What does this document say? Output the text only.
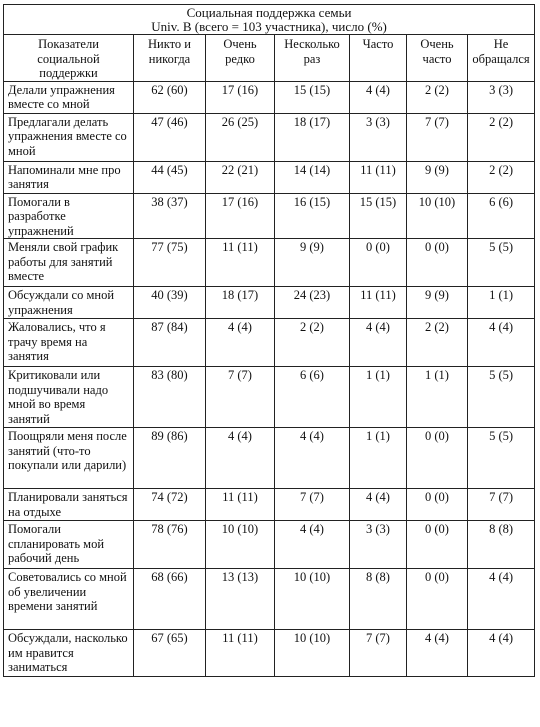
Социальная поддержка семьи
Univ. B (всего = 103 участника), число (%)						

Показатели социальной поддержки	Никто и никогда	Очень редко	Несколько раз	Часто	Очень часто	Не обращался
Делали упражнения вместе со мной	62 (60)	17 (16)	15 (15)	4 (4)	2 (2)	3 (3)
Предлагали делать упражнения вместе со мной	47 (46)	26 (25)	18 (17)	3 (3)	7 (7)	2 (2)
Напоминали мне про занятия	44 (45)	22 (21)	14 (14)	11 (11)	9 (9)	2 (2)
Помогали в разработке упражнений	38 (37)	17 (16)	16 (15)	15 (15)	10 (10)	6 (6)
Меняли свой график работы для занятий вместе	77 (75)	11 (11)	9 (9)	0 (0)	0 (0)	5 (5)
Обсуждали со мной упражнения	40 (39)	18 (17)	24 (23)	11 (11)	9 (9)	1 (1)
Жаловались, что я трачу время на занятия	87 (84)	4 (4)	2 (2)	4 (4)	2 (2)	4 (4)
Критиковали или подшучивали надо мной во время занятий	83 (80)	7 (7)	6 (6)	1 (1)	1 (1)	5 (5)
Поощряли меня после занятий (что-то покупали или дарили)	89 (86)	4 (4)	4 (4)	1 (1)	0 (0)	5 (5)
Планировали заняться на отдыхе	74 (72)	11 (11)	7 (7)	4 (4)	0 (0)	7 (7)
Помогали спланировать мой рабочий день	78 (76)	10 (10)	4 (4)	3 (3)	0 (0)	8 (8)
Советовались со мной об увеличении времени занятий	68 (66)	13 (13)	10 (10)	8 (8)	0 (0)	4 (4)
Обсуждали, насколько им нравится заниматься	67 (65)	11 (11)	10 (10)	7 (7)	4 (4)	4 (4)
